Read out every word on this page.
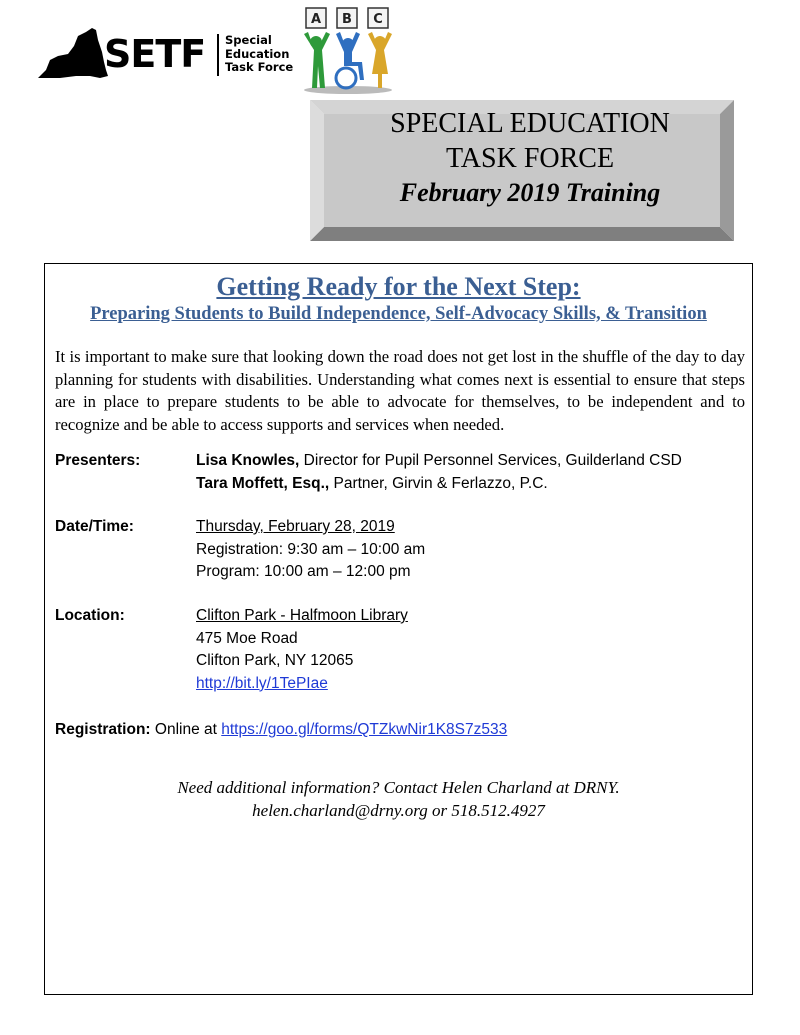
SETF Special
Education
Task Force
A B C
SPECIAL EDUCATION
TASK FORCE
February 2019 Training
Getting Ready for the Next Step:
Preparing Students to Build Independence, Self-Advocacy Skills, & Transition
It is important to make sure that looking down the road does not get lost in the shuffle of the day to day planning for students with disabilities. Understanding what comes next is essential to ensure that steps are in place to prepare students to be able to advocate for themselves, to be independent and to recognize and be able to access supports and services when needed.
Presenters:	Lisa Knowles, Director for Pupil Personnel Services, Guilderland CSD
Tara Moffett, Esq., Partner, Girvin & Ferlazzo, P.C.
Date/Time:	Thursday, February 28, 2019
Registration: 9:30 am – 10:00 am
Program: 10:00 am – 12:00 pm
Location:	Clifton Park - Halfmoon Library
475 Moe Road
Clifton Park, NY 12065
http://bit.ly/1TePIae
Registration: Online at https://goo.gl/forms/QTZkwNir1K8S7z533
Need additional information? Contact Helen Charland at DRNY.
helen.charland@drny.org or 518.512.4927
